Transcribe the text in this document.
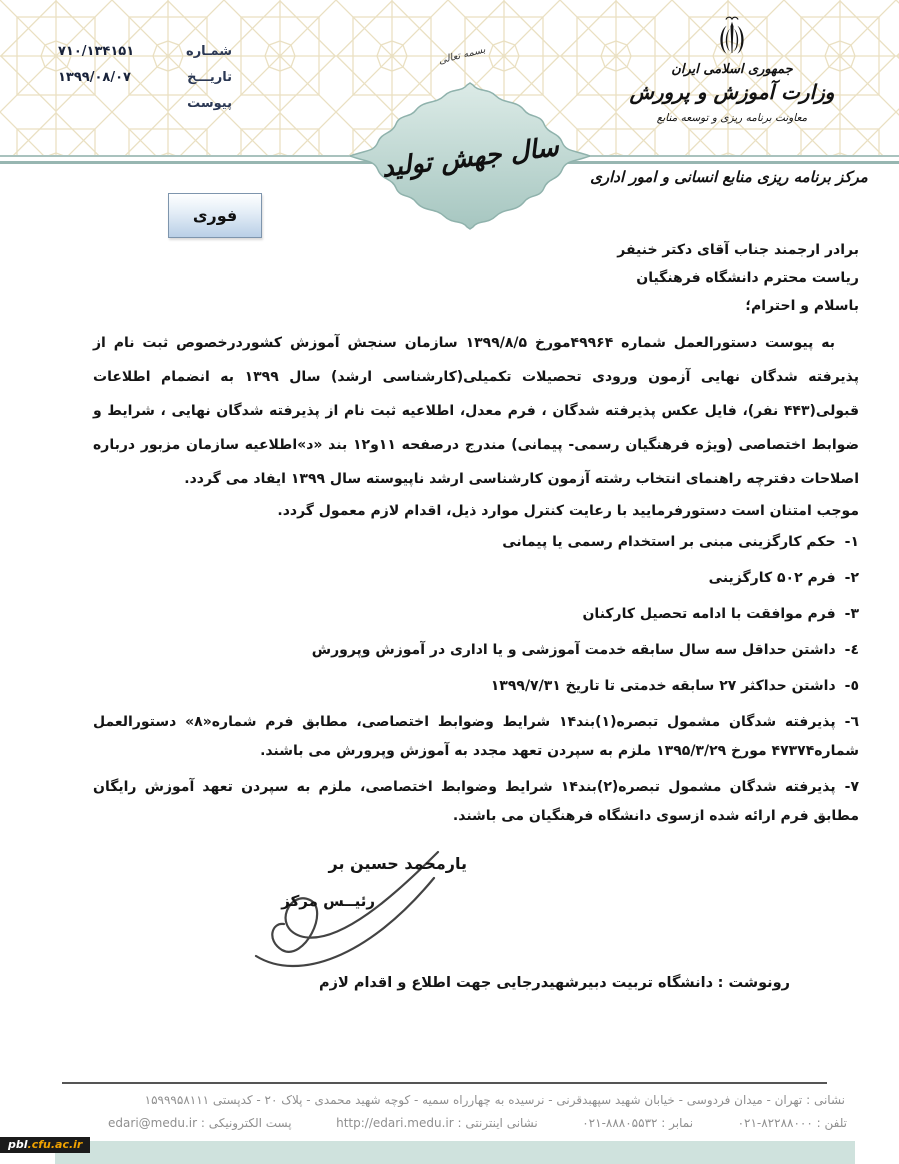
شمـاره
۷۱۰/۱۳۴۱۵۱
تاریـــخ
۱۳۹۹/۰۸/۰۷
پیوست
بسمه تعالی
جمهوری اسلامی ایران
وزارت آموزش و پرورش
معاونت برنامه ریزی و توسعه منابع
مرکز برنامه ریزی منابع انسانی و امور اداری
سال جهش تولید
فوری
برادر ارجمند جناب آقای دکتر خنیفر
ریاست محترم دانشگاه فرهنگیان
باسلام و احترام؛
به پیوست دستورالعمل شماره ۴۹۹۶۴مورخ ۱۳۹۹/۸/۵ سازمان سنجش آموزش کشوردرخصوص ثبت نام از پذیرفته شدگان نهایی آزمون ورودی تحصیلات تکمیلی(کارشناسی ارشد) سال ۱۳۹۹ به انضمام اطلاعات قبولی(۴۴۳ نفر)، فایل عکس پذیرفته شدگان ، فرم معدل، اطلاعیه ثبت نام از پذیرفته شدگان نهایی ، شرایط و ضوابط اختصاصی (ویژه فرهنگیان رسمی- پیمانی) مندرج درصفحه ۱۱و۱۲ بند «د»اطلاعیه سازمان مزبور درباره اصلاحات دفترچه راهنمای انتخاب رشته آزمون کارشناسی ارشد ناپیوسته سال ۱۳۹۹ ایفاد می گردد.
موجب امتنان است دستورفرمایید با رعایت کنترل موارد ذیل، اقدام لازم معمول گردد.
۱-حکم کارگزینی مبنی بر استخدام رسمی یا پیمانی
۲-فرم ۵۰۲ کارگزینی
۳-فرم موافقت با ادامه تحصیل کارکنان
٤-داشتن حداقل سه سال سابقه خدمت آموزشی و یا اداری در آموزش وپرورش
٥-داشتن حداکثر ۲۷ سابقه خدمتی تا تاریخ ۱۳۹۹/۷/۳۱
٦-پذیرفته شدگان مشمول تبصره(۱)بند۱۴ شرایط وضوابط اختصاصی، مطابق فرم شماره«۸» دستورالعمل شماره۴۷۳۷۴ مورخ ۱۳۹۵/۳/۲۹ ملزم به سپردن تعهد مجدد به آموزش وپرورش می باشند.
۷-پذیرفته شدگان مشمول تبصره(۲)بند۱۴ شرایط وضوابط اختصاصی، ملزم به سپردن تعهد آموزش رایگان مطابق فرم ارائه شده ازسوی دانشگاه فرهنگیان می باشند.
یارمحمد حسین بر
رئیــس مرکز
رونوشت : دانشگاه تربیت دبیرشهیدرجایی جهت اطلاع و اقدام لازم
نشانی : تهران - میدان فردوسی - خیابان شهید سپهبدقرنی - نرسیده به چهارراه سمیه - کوچه شهید محمدی - پلاک ۲۰ - کدپستی ۱۵۹۹۹۵۸۱۱۱
تلفن : ۰۲۱-۸۲۲۸۸۰۰۰
نمابر : ۰۲۱-۸۸۸۰۵۵۳۲
نشانی اینترنتی : http://edari.medu.ir
پست الکترونیکی : edari@medu.ir
pbl.cfu.ac.ir
